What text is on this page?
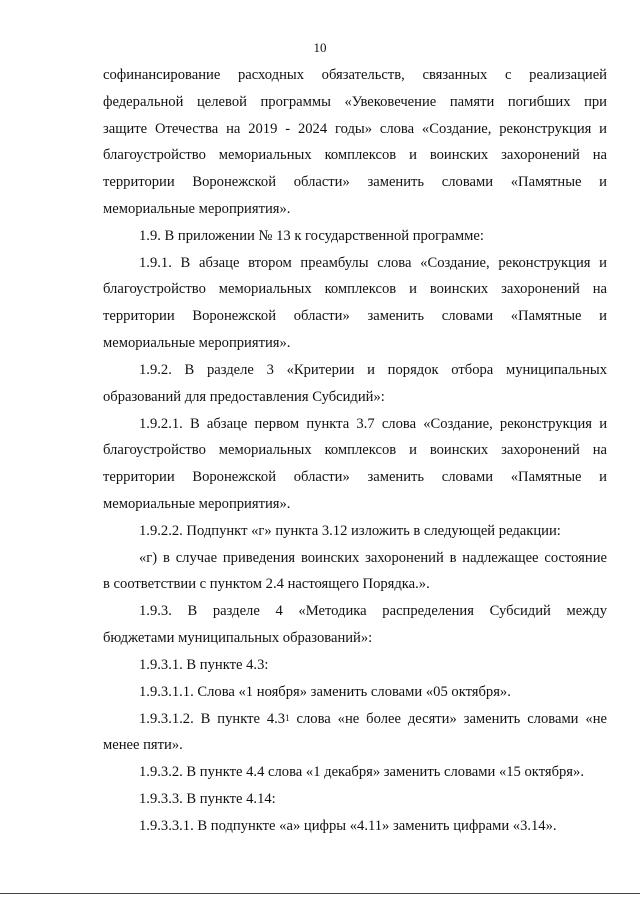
10
софинансирование расходных обязательств, связанных с реализацией
федеральной целевой программы «Увековечение памяти погибших при
защите Отечества на 2019 - 2024 годы» слова «Создание, реконструкция и
благоустройство мемориальных комплексов и воинских захоронений на
территории Воронежской области» заменить словами «Памятные и
мемориальные мероприятия».
1.9. В приложении № 13 к государственной программе:
1.9.1. В абзаце втором преамбулы слова «Создание, реконструкция и
благоустройство мемориальных комплексов и воинских захоронений на
территории Воронежской области» заменить словами «Памятные и
мемориальные мероприятия».
1.9.2. В разделе 3 «Критерии и порядок отбора муниципальных
образований для предоставления Субсидий»:
1.9.2.1. В абзаце первом пункта 3.7 слова «Создание, реконструкция и
благоустройство мемориальных комплексов и воинских захоронений на
территории Воронежской области» заменить словами «Памятные и
мемориальные мероприятия».
1.9.2.2. Подпункт «г» пункта 3.12 изложить в следующей редакции:
«г) в случае приведения воинских захоронений в надлежащее состояние
в соответствии с пунктом 2.4 настоящего Порядка.».
1.9.3. В разделе 4 «Методика распределения Субсидий между
бюджетами муниципальных образований»:
1.9.3.1. В пункте 4.3:
1.9.3.1.1. Слова «1 ноября» заменить словами «05 октября».
1.9.3.1.2. В пункте $4.3^1$ слова «не более десяти» заменить словами «не
менее пяти».
1.9.3.2. В пункте 4.4 слова «1 декабря» заменить словами «15 октября».
1.9.3.3. В пункте 4.14:
1.9.3.3.1. В подпункте «а» цифры «4.11» заменить цифрами «3.14».
